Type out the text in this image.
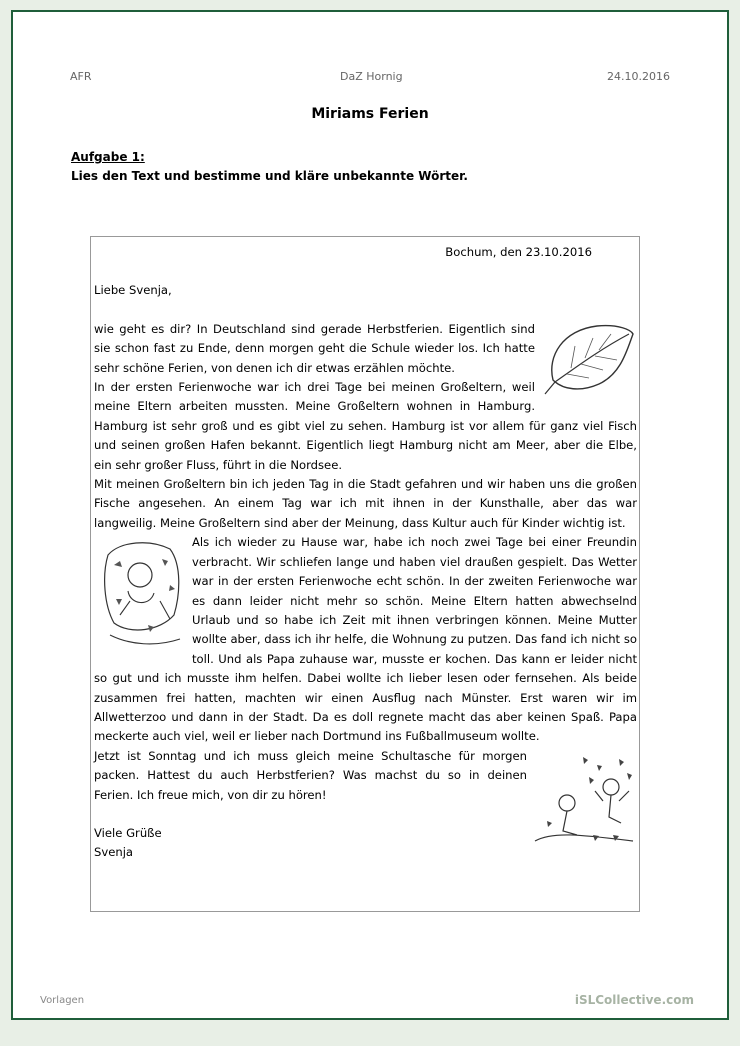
AFR	DaZ Hornig	24.10.2016
Miriams Ferien
Aufgabe 1:
Lies den Text und bestimme und kläre unbekannte Wörter.
Bochum, den 23.10.2016
Liebe Svenja,

wie geht es dir? In Deutschland sind gerade Herbstferien. Eigentlich sind sie schon fast zu Ende, denn morgen geht die Schule wieder los. Ich hatte sehr schöne Ferien, von denen ich dir etwas erzählen möchte.

In der ersten Ferienwoche war ich drei Tage bei meinen Großeltern, weil meine Eltern arbeiten mussten. Meine Großeltern wohnen in Hamburg. Hamburg ist sehr groß und es gibt viel zu sehen. Hamburg ist vor allem für ganz viel Fisch und seinen großen Hafen bekannt. Eigentlich liegt Hamburg nicht am Meer, aber die Elbe, ein sehr großer Fluss, führt in die Nordsee.

Mit meinen Großeltern bin ich jeden Tag in die Stadt gefahren und wir haben uns die großen Fische angesehen. An einem Tag war ich mit ihnen in der Kunsthalle, aber das war langweilig. Meine Großeltern sind aber der Meinung, dass Kultur auch für Kinder wichtig ist.

Als ich wieder zu Hause war, habe ich noch zwei Tage bei einer Freundin verbracht. Wir schliefen lange und haben viel draußen gespielt. Das Wetter war in der ersten Ferienwoche echt schön. In der zweiten Ferienwoche war es dann leider nicht mehr so schön. Meine Eltern hatten abwechselnd Urlaub und so habe ich Zeit mit ihnen verbringen können. Meine Mutter wollte aber, dass ich ihr helfe, die Wohnung zu putzen. Das fand ich nicht so toll. Und als Papa zuhause war, musste er kochen. Das kann er leider nicht so gut und ich musste ihm helfen. Dabei wollte ich lieber lesen oder fernsehen. Als beide zusammen frei hatten, machten wir einen Ausflug nach Münster. Erst waren wir im Allwetterzoo und dann in der Stadt. Da es doll regnete macht das aber keinen Spaß. Papa meckerte auch viel, weil er lieber nach Dortmund ins Fußballmuseum wollte.

Jetzt ist Sonntag und ich muss gleich meine Schultasche für morgen packen. Hattest du auch Herbstferien? Was machst du so in deinen Ferien. Ich freue mich, von dir zu hören!

Viele Grüße
Svenja
Vorlagen	iSLCollective.com
